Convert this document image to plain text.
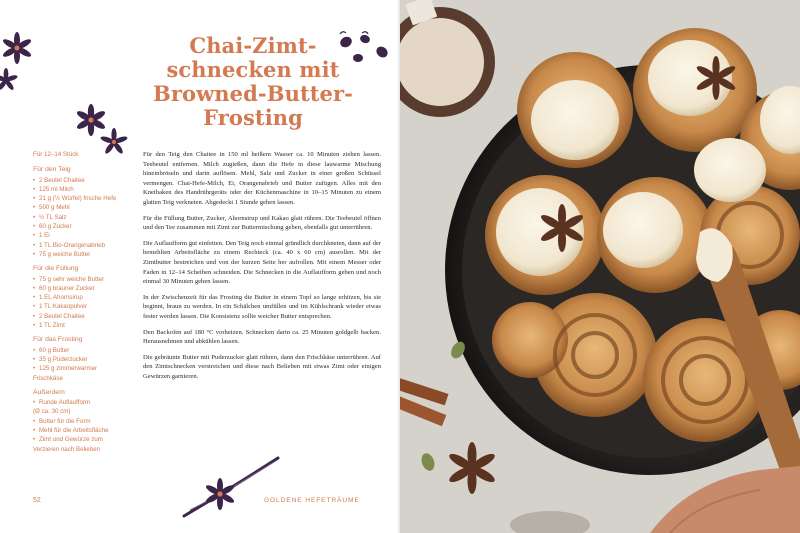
Chai-Zimt-
schnecken mit
Browned-Butter-
Frosting
Für 12–14 Stück
Für den Teig
• 2 Beutel Chaitee
• 125 ml Milch
• 21 g (½ Würfel) frische Hefe
• 500 g Mehl
• ½ TL Salz
• 60 g Zucker
• 1 Ei
• 1 TL Bio-Orangenabrieb
• 75 g weiche Butter
Für die Füllung
• 75 g sehr weiche Butter
• 60 g brauner Zucker
• 1 EL Ahornsirup
• 1 TL Kakaopulver
• 2 Beutel Chaitee
• 1 TL Zimt
Für das Frosting
• 60 g Butter
• 35 g Puderzucker
• 125 g zimmerwarmer
Frischkäse
Außerdem
• Runde Auflaufform
(Ø ca. 30 cm)
• Butter für die Form
• Mehl für die Arbeitsfläche
• Zimt und Gewürze zum
Verzieren nach Belieben

Für den Teig den Chaitee in 150 ml heißem Wasser ca. 10 Minuten ziehen lassen. Teebeutel entfernen. Milch zugießen, dann die Hefe in diese lauwarme Mischung hineinbröseln und darin auflösen. Mehl, Salz und Zucker in einer großen Schüssel vermengen. Chai-Hefe-Milch, Ei, Orangenabrieb und Butter zufügen. Alles mit den Knethaken des Handrührgeräts oder der Küchenmaschine in 10–15 Minuten zu einem glatten Teig verkneten. Abgedeckt 1 Stunde gehen lassen.

Für die Füllung Butter, Zucker, Ahornsirup und Kakao glatt rühren. Die Teebeutel öffnen und den Tee zusammen mit Zimt zur Buttermischung geben, ebenfalls gut unterrühren.

Die Auflaufform gut einfetten. Den Teig noch einmal gründlich durchkneten, dann auf der bemehlten Arbeitsfläche zu einem Rechteck (ca. 40 x 60 cm) ausrollen. Mit der Zimtbutter bestreichen und von der kurzen Seite her aufrollen. Mit einem Messer oder Faden in 12–14 Scheiben schneiden. Die Schnecken in die Auflaufform geben und noch einmal 30 Minuten gehen lassen.

In der Zwischenzeit für das Frosting die Butter in einem Topf so lange erhitzen, bis sie beginnt, braun zu werden. In ein Schälchen umfüllen und im Kühlschrank wieder etwas fester werden lassen. Die Konsistenz sollte weicher Butter entsprechen.

Den Backofen auf 180 °C vorheizen. Schnecken darin ca. 25 Minuten goldgelb backen. Herausnehmen und abkühlen lassen.

Die gebräunte Butter mit Puderzucker glatt rühren, dann den Frischkäse unterrühren. Auf den Zimtschnecken verstreichen und diese nach Belieben mit etwas Zimt oder einigen Gewürzen garnieren.

52	GOLDENE HEFETRÄUME
